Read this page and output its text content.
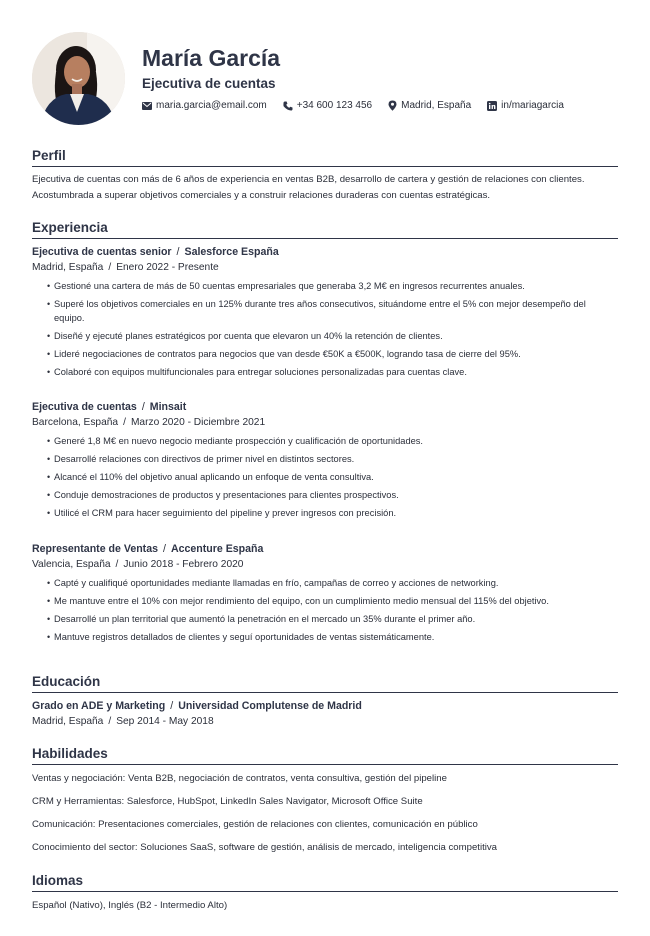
María García
Ejecutiva de cuentas
maria.garcia@email.com	+34 600 123 456	Madrid, España	in/mariagarcia
Perfil
Ejecutiva de cuentas con más de 6 años de experiencia en ventas B2B, desarrollo de cartera y gestión de relaciones con clientes. Acostumbrada a superar objetivos comerciales y a construir relaciones duraderas con cuentas estratégicas.
Experiencia
Ejecutiva de cuentas senior / Salesforce España
Madrid, España / Enero 2022 - Presente
• Gestioné una cartera de más de 50 cuentas empresariales que generaba 3,2 M€ en ingresos recurrentes anuales.
• Superé los objetivos comerciales en un 125% durante tres años consecutivos, situándome entre el 5% con mejor desempeño del equipo.
• Diseñé y ejecuté planes estratégicos por cuenta que elevaron un 40% la retención de clientes.
• Lideré negociaciones de contratos para negocios que van desde €50K a €500K, logrando tasa de cierre del 95%.
• Colaboré con equipos multifuncionales para entregar soluciones personalizadas para cuentas clave.
Ejecutiva de cuentas / Minsait
Barcelona, España / Marzo 2020 - Diciembre 2021
• Generé 1,8 M€ en nuevo negocio mediante prospección y cualificación de oportunidades.
• Desarrollé relaciones con directivos de primer nivel en distintos sectores.
• Alcancé el 110% del objetivo anual aplicando un enfoque de venta consultiva.
• Conduje demostraciones de productos y presentaciones para clientes prospectivos.
• Utilicé el CRM para hacer seguimiento del pipeline y prever ingresos con precisión.
Representante de Ventas / Accenture España
Valencia, España / Junio 2018 - Febrero 2020
• Capté y cualifiqué oportunidades mediante llamadas en frío, campañas de correo y acciones de networking.
• Me mantuve entre el 10% con mejor rendimiento del equipo, con un cumplimiento medio mensual del 115% del objetivo.
• Desarrollé un plan territorial que aumentó la penetración en el mercado un 35% durante el primer año.
• Mantuve registros detallados de clientes y seguí oportunidades de ventas sistemáticamente.
Educación
Grado en ADE y Marketing / Universidad Complutense de Madrid
Madrid, España / Sep 2014 - May 2018
Habilidades
Ventas y negociación: Venta B2B, negociación de contratos, venta consultiva, gestión del pipeline
CRM y Herramientas: Salesforce, HubSpot, LinkedIn Sales Navigator, Microsoft Office Suite
Comunicación: Presentaciones comerciales, gestión de relaciones con clientes, comunicación en público
Conocimiento del sector: Soluciones SaaS, software de gestión, análisis de mercado, inteligencia competitiva
Idiomas
Español (Nativo), Inglés (B2 - Intermedio Alto)
